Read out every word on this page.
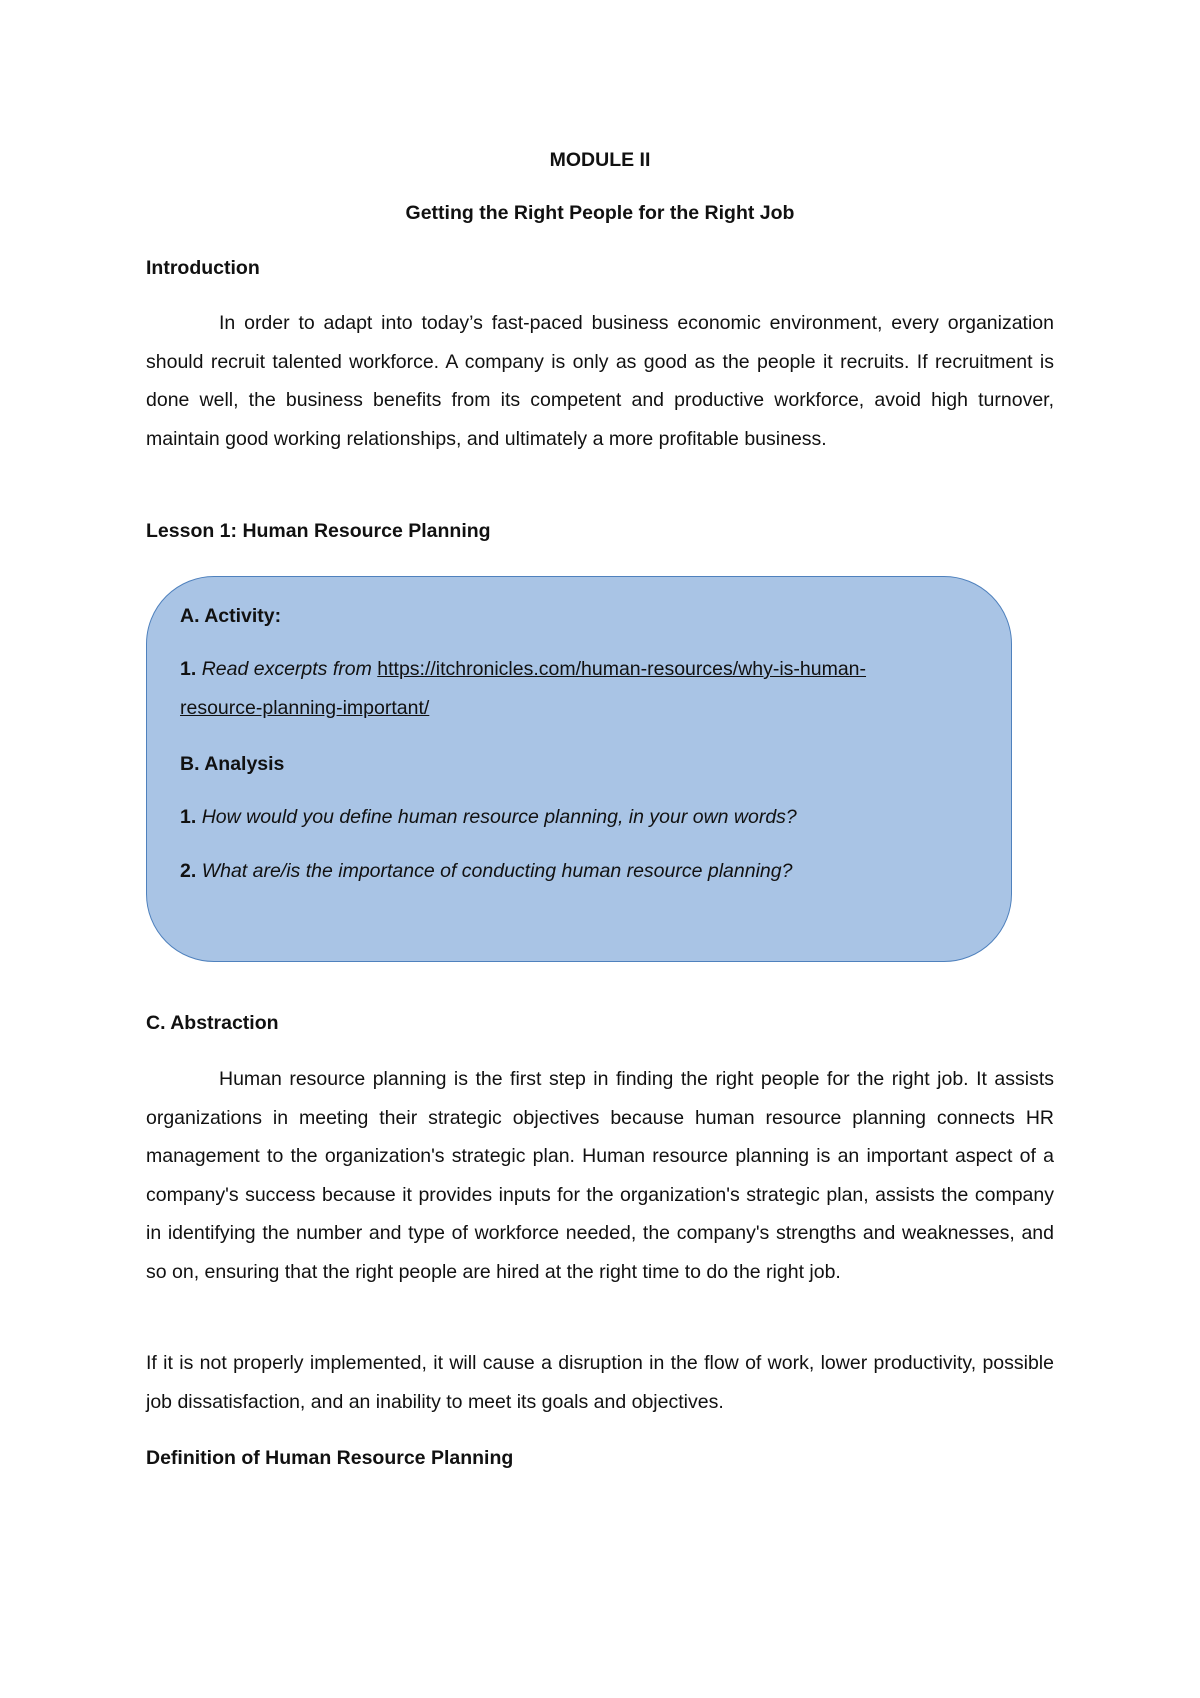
MODULE II

Getting the Right People for the Right Job

Introduction

In order to adapt into today’s fast-paced business economic environment, every organization should recruit talented workforce. A company is only as good as the people it recruits. If recruitment is done well, the business benefits from its competent and productive workforce, avoid high turnover, maintain good working relationships, and ultimately a more profitable business.

Lesson 1: Human Resource Planning

A. Activity:

1. Read excerpts from https://itchronicles.com/human-resources/why-is-human-
resource-planning-important/

B. Analysis

1. How would you define human resource planning, in your own words?

2. What are/is the importance of conducting human resource planning?

C. Abstraction

Human resource planning is the first step in finding the right people for the right job. It assists organizations in meeting their strategic objectives because human resource planning connects HR management to the organization's strategic plan. Human resource planning is an important aspect of a company's success because it provides inputs for the organization's strategic plan, assists the company in identifying the number and type of workforce needed, the company's strengths and weaknesses, and so on, ensuring that the right people are hired at the right time to do the right job.

If it is not properly implemented, it will cause a disruption in the flow of work, lower productivity, possible job dissatisfaction, and an inability to meet its goals and objectives.

Definition of Human Resource Planning
